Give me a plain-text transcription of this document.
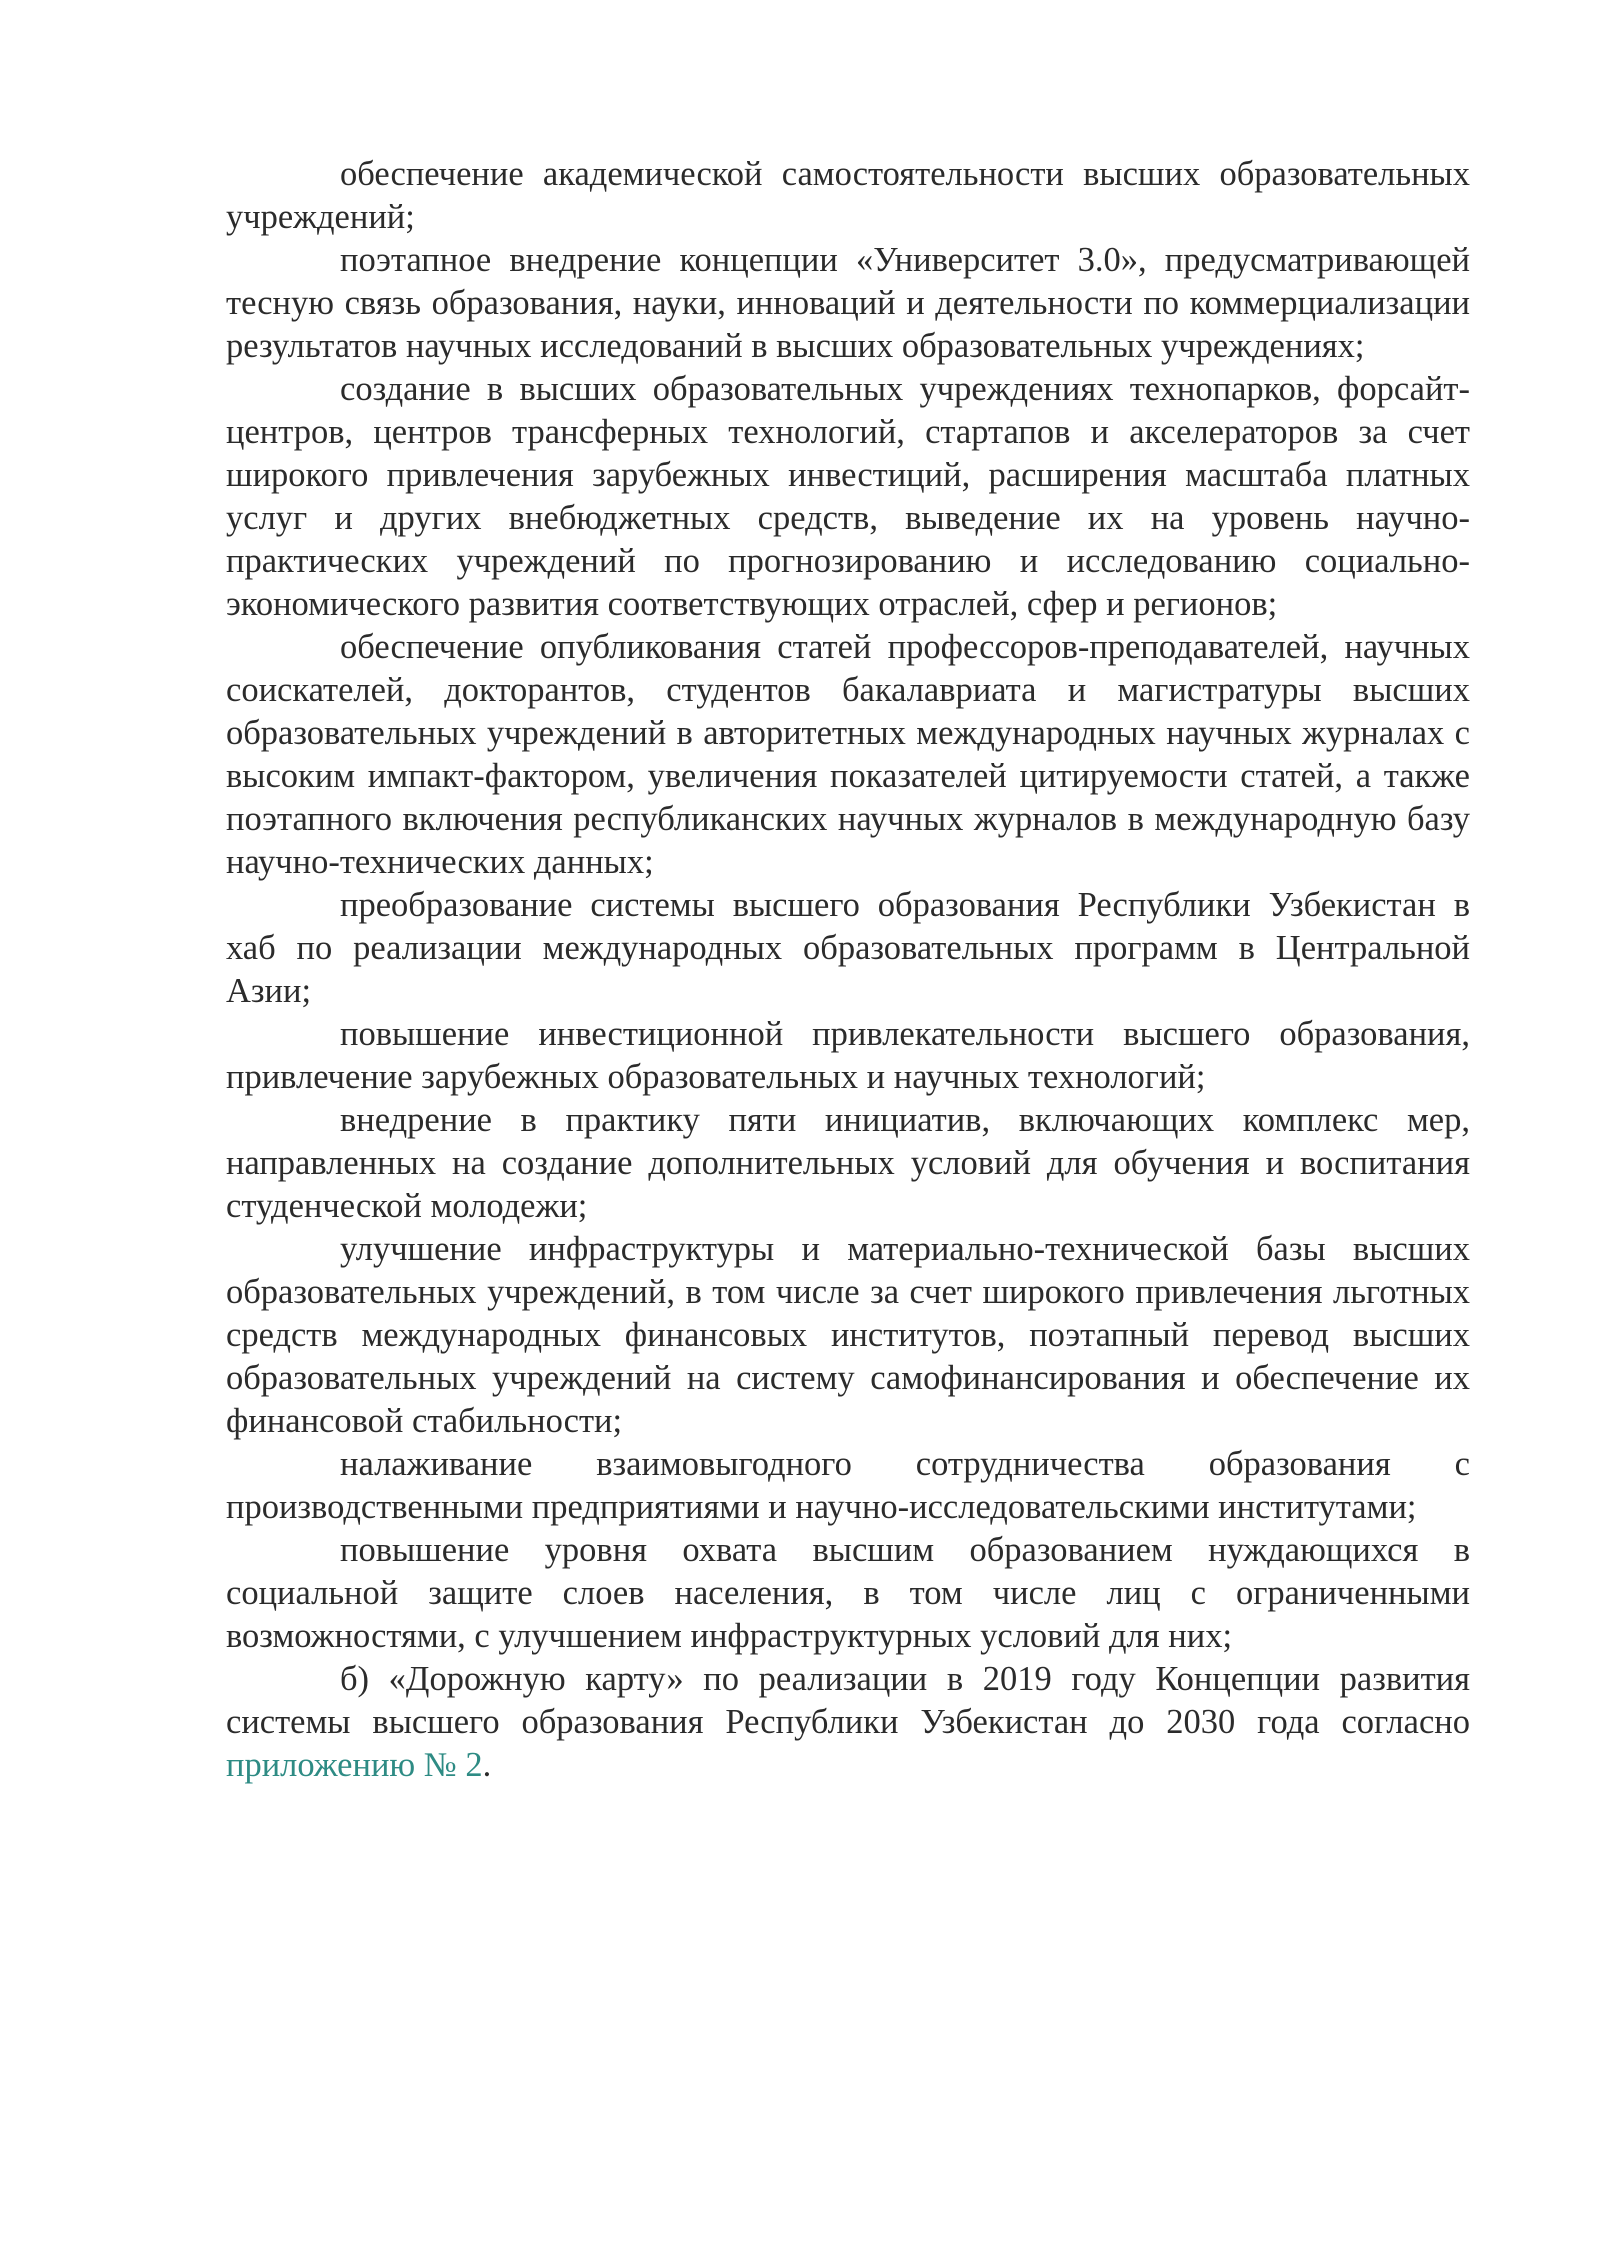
обеспечение академической самостоятельности высших образовательных учреждений;

поэтапное внедрение концепции «Университет 3.0», предусматривающей тесную связь образования, науки, инноваций и деятельности по коммерциализации результатов научных исследований в высших образовательных учреждениях;

создание в высших образовательных учреждениях технопарков, форсайт-центров, центров трансферных технологий, стартапов и акселераторов за счет широкого привлечения зарубежных инвестиций, расширения масштаба платных услуг и других внебюджетных средств, выведение их на уровень научно-практических учреждений по прогнозированию и исследованию социально-экономического развития соответствующих отраслей, сфер и регионов;

обеспечение опубликования статей профессоров-преподавателей, научных соискателей, докторантов, студентов бакалавриата и магистратуры высших образовательных учреждений в авторитетных международных научных журналах с высоким импакт-фактором, увеличения показателей цитируемости статей, а также поэтапного включения республиканских научных журналов в международную базу научно-технических данных;

преобразование системы высшего образования Республики Узбекистан в хаб по реализации международных образовательных программ в Центральной Азии;

повышение инвестиционной привлекательности высшего образования, привлечение зарубежных образовательных и научных технологий;

внедрение в практику пяти инициатив, включающих комплекс мер, направленных на создание дополнительных условий для обучения и воспитания студенческой молодежи;

улучшение инфраструктуры и материально-технической базы высших образовательных учреждений, в том числе за счет широкого привлечения льготных средств международных финансовых институтов, поэтапный перевод высших образовательных учреждений на систему самофинансирования и обеспечение их финансовой стабильности;

налаживание взаимовыгодного сотрудничества образования с производственными предприятиями и научно-исследовательскими институтами;

повышение уровня охвата высшим образованием нуждающихся в социальной защите слоев населения, в том числе лиц с ограниченными возможностями, с улучшением инфраструктурных условий для них;

б) «Дорожную карту» по реализации в 2019 году Концепции развития системы высшего образования Республики Узбекистан до 2030 года согласно приложению № 2.
